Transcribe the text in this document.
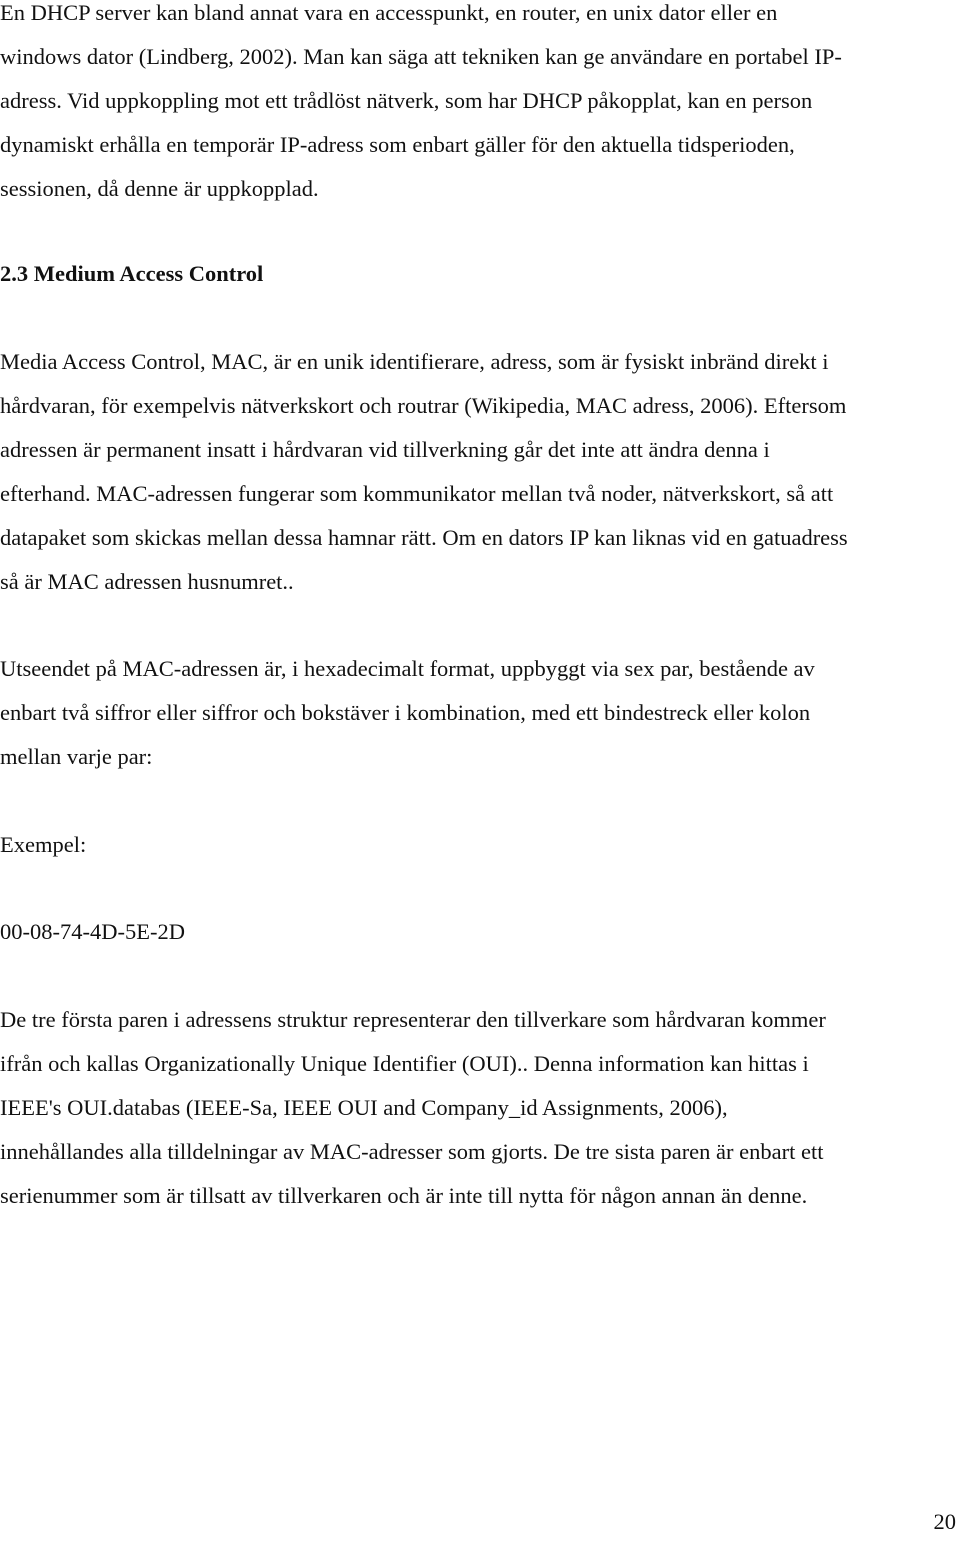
En DHCP server kan bland annat vara en accesspunkt, en router, en unix dator eller en
windows dator (Lindberg, 2002). Man kan säga att tekniken kan ge användare en portabel IP-
adress. Vid uppkoppling mot ett trådlöst nätverk, som har DHCP påkopplat, kan en person
dynamiskt erhålla en temporär IP-adress som enbart gäller för den aktuella tidsperioden,
sessionen, då denne är uppkopplad.

2.3 Medium Access Control

Media Access Control, MAC, är en unik identifierare, adress, som är fysiskt inbränd direkt i
hårdvaran, för exempelvis nätverkskort och routrar (Wikipedia, MAC adress, 2006). Eftersom
adressen är permanent insatt i hårdvaran vid tillverkning går det inte att ändra denna i
efterhand. MAC-adressen fungerar som kommunikator mellan två noder, nätverkskort, så att
datapaket som skickas mellan dessa hamnar rätt. Om en dators IP kan liknas vid en gatuadress
så är MAC adressen husnumret..

Utseendet på MAC-adressen är, i hexadecimalt format, uppbyggt via sex par, bestående av
enbart två siffror eller siffror och bokstäver i kombination, med ett bindestreck eller kolon
mellan varje par:

Exempel:

00-08-74-4D-5E-2D

De tre första paren i adressens struktur representerar den tillverkare som hårdvaran kommer
ifrån och kallas Organizationally Unique Identifier (OUI).. Denna information kan hittas i
IEEE's OUI.databas (IEEE-Sa, IEEE OUI and Company_id Assignments, 2006),
innehållandes alla tilldelningar av MAC-adresser som gjorts. De tre sista paren är enbart ett
serienummer som är tillsatt av tillverkaren och är inte till nytta för någon annan än denne.

20
